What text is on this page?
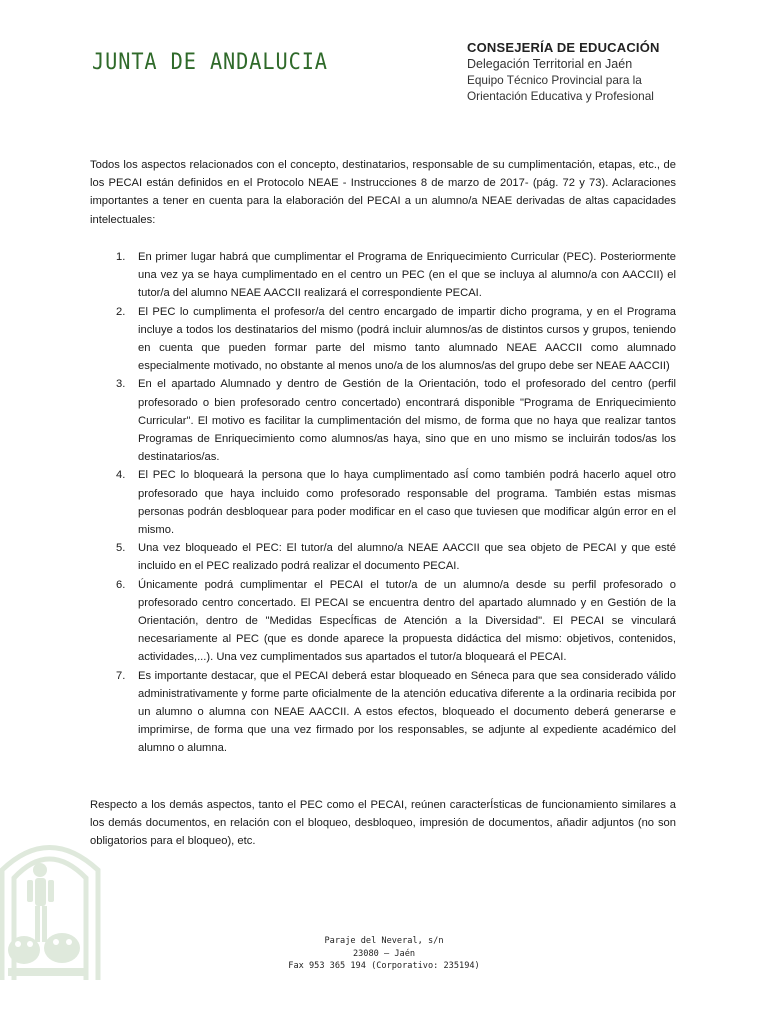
JUNTA DE ANDALUCIA
CONSEJERÍA DE EDUCACIÓN
Delegación Territorial en Jaén
Equipo Técnico Provincial para la
Orientación Educativa y Profesional

Todos los aspectos relacionados con el concepto, destinatarios, responsable de su cumplimentación, etapas, etc., de los PECAI están definidos en el Protocolo NEAE - Instrucciones 8 de marzo de 2017- (pág. 72 y 73). Aclaraciones importantes a tener en cuenta para la elaboración del PECAI a un alumno/a NEAE derivadas de altas capacidades intelectuales:

1. En primer lugar habrá que cumplimentar el Programa de Enriquecimiento Curricular (PEC). Posteriormente una vez ya se haya cumplimentado en el centro un PEC (en el que se incluya al alumno/a con AACCII) el tutor/a del alumno NEAE AACCII realizará el correspondiente PECAI.
2. El PEC lo cumplimenta el profesor/a del centro encargado de impartir dicho programa, y en el Programa incluye a todos los destinatarios del mismo (podrá incluir alumnos/as de distintos cursos y grupos, teniendo en cuenta que pueden formar parte del mismo tanto alumnado NEAE AACCII como alumnado especialmente motivado, no obstante al menos uno/a de los alumnos/as del grupo debe ser NEAE AACCII)
3. En el apartado Alumnado y dentro de Gestión de la Orientación, todo el profesorado del centro (perfil profesorado o bien profesorado centro concertado) encontrará disponible "Programa de Enriquecimiento Curricular". El motivo es facilitar la cumplimentación del mismo, de forma que no haya que realizar tantos Programas de Enriquecimiento como alumnos/as haya, sino que en uno mismo se incluirán todos/as los destinatarios/as.
4. El PEC lo bloqueará la persona que lo haya cumplimentado asÍ como también podrá hacerlo aquel otro profesorado que haya incluido como profesorado responsable del programa. También estas mismas personas podrán desbloquear para poder modificar en el caso que tuviesen que modificar algún error en el mismo.
5. Una vez bloqueado el PEC: El tutor/a del alumno/a NEAE AACCII que sea objeto de PECAI y que esté incluido en el PEC realizado podrá realizar el documento PECAI.
6. Únicamente podrá cumplimentar el PECAI el tutor/a de un alumno/a desde su perfil profesorado o profesorado centro concertado. El PECAI se encuentra dentro del apartado alumnado y en Gestión de la Orientación, dentro de "Medidas EspecÍficas de Atención a la Diversidad". El PECAI se vinculará necesariamente al PEC (que es donde aparece la propuesta didáctica del mismo: objetivos, contenidos, actividades,...). Una vez cumplimentados sus apartados el tutor/a bloqueará el PECAI.
7. Es importante destacar, que el PECAI deberá estar bloqueado en Séneca para que sea considerado válido administrativamente y forme parte oficialmente de la atención educativa diferente a la ordinaria recibida por un alumno o alumna con NEAE AACCII. A estos efectos, bloqueado el documento deberá generarse e imprimirse, de forma que una vez firmado por los responsables, se adjunte al expediente académico del alumno o alumna.

Respecto a los demás aspectos, tanto el PEC como el PECAI, reúnen caracterÍsticas de funcionamiento similares a los demás documentos, en relación con el bloqueo, desbloqueo, impresión de documentos, añadir adjuntos (no son obligatorios para el bloqueo), etc.

Paraje del Neveral, s/n
23080 – Jaén
Fax 953 365 194 (Corporativo: 235194)
